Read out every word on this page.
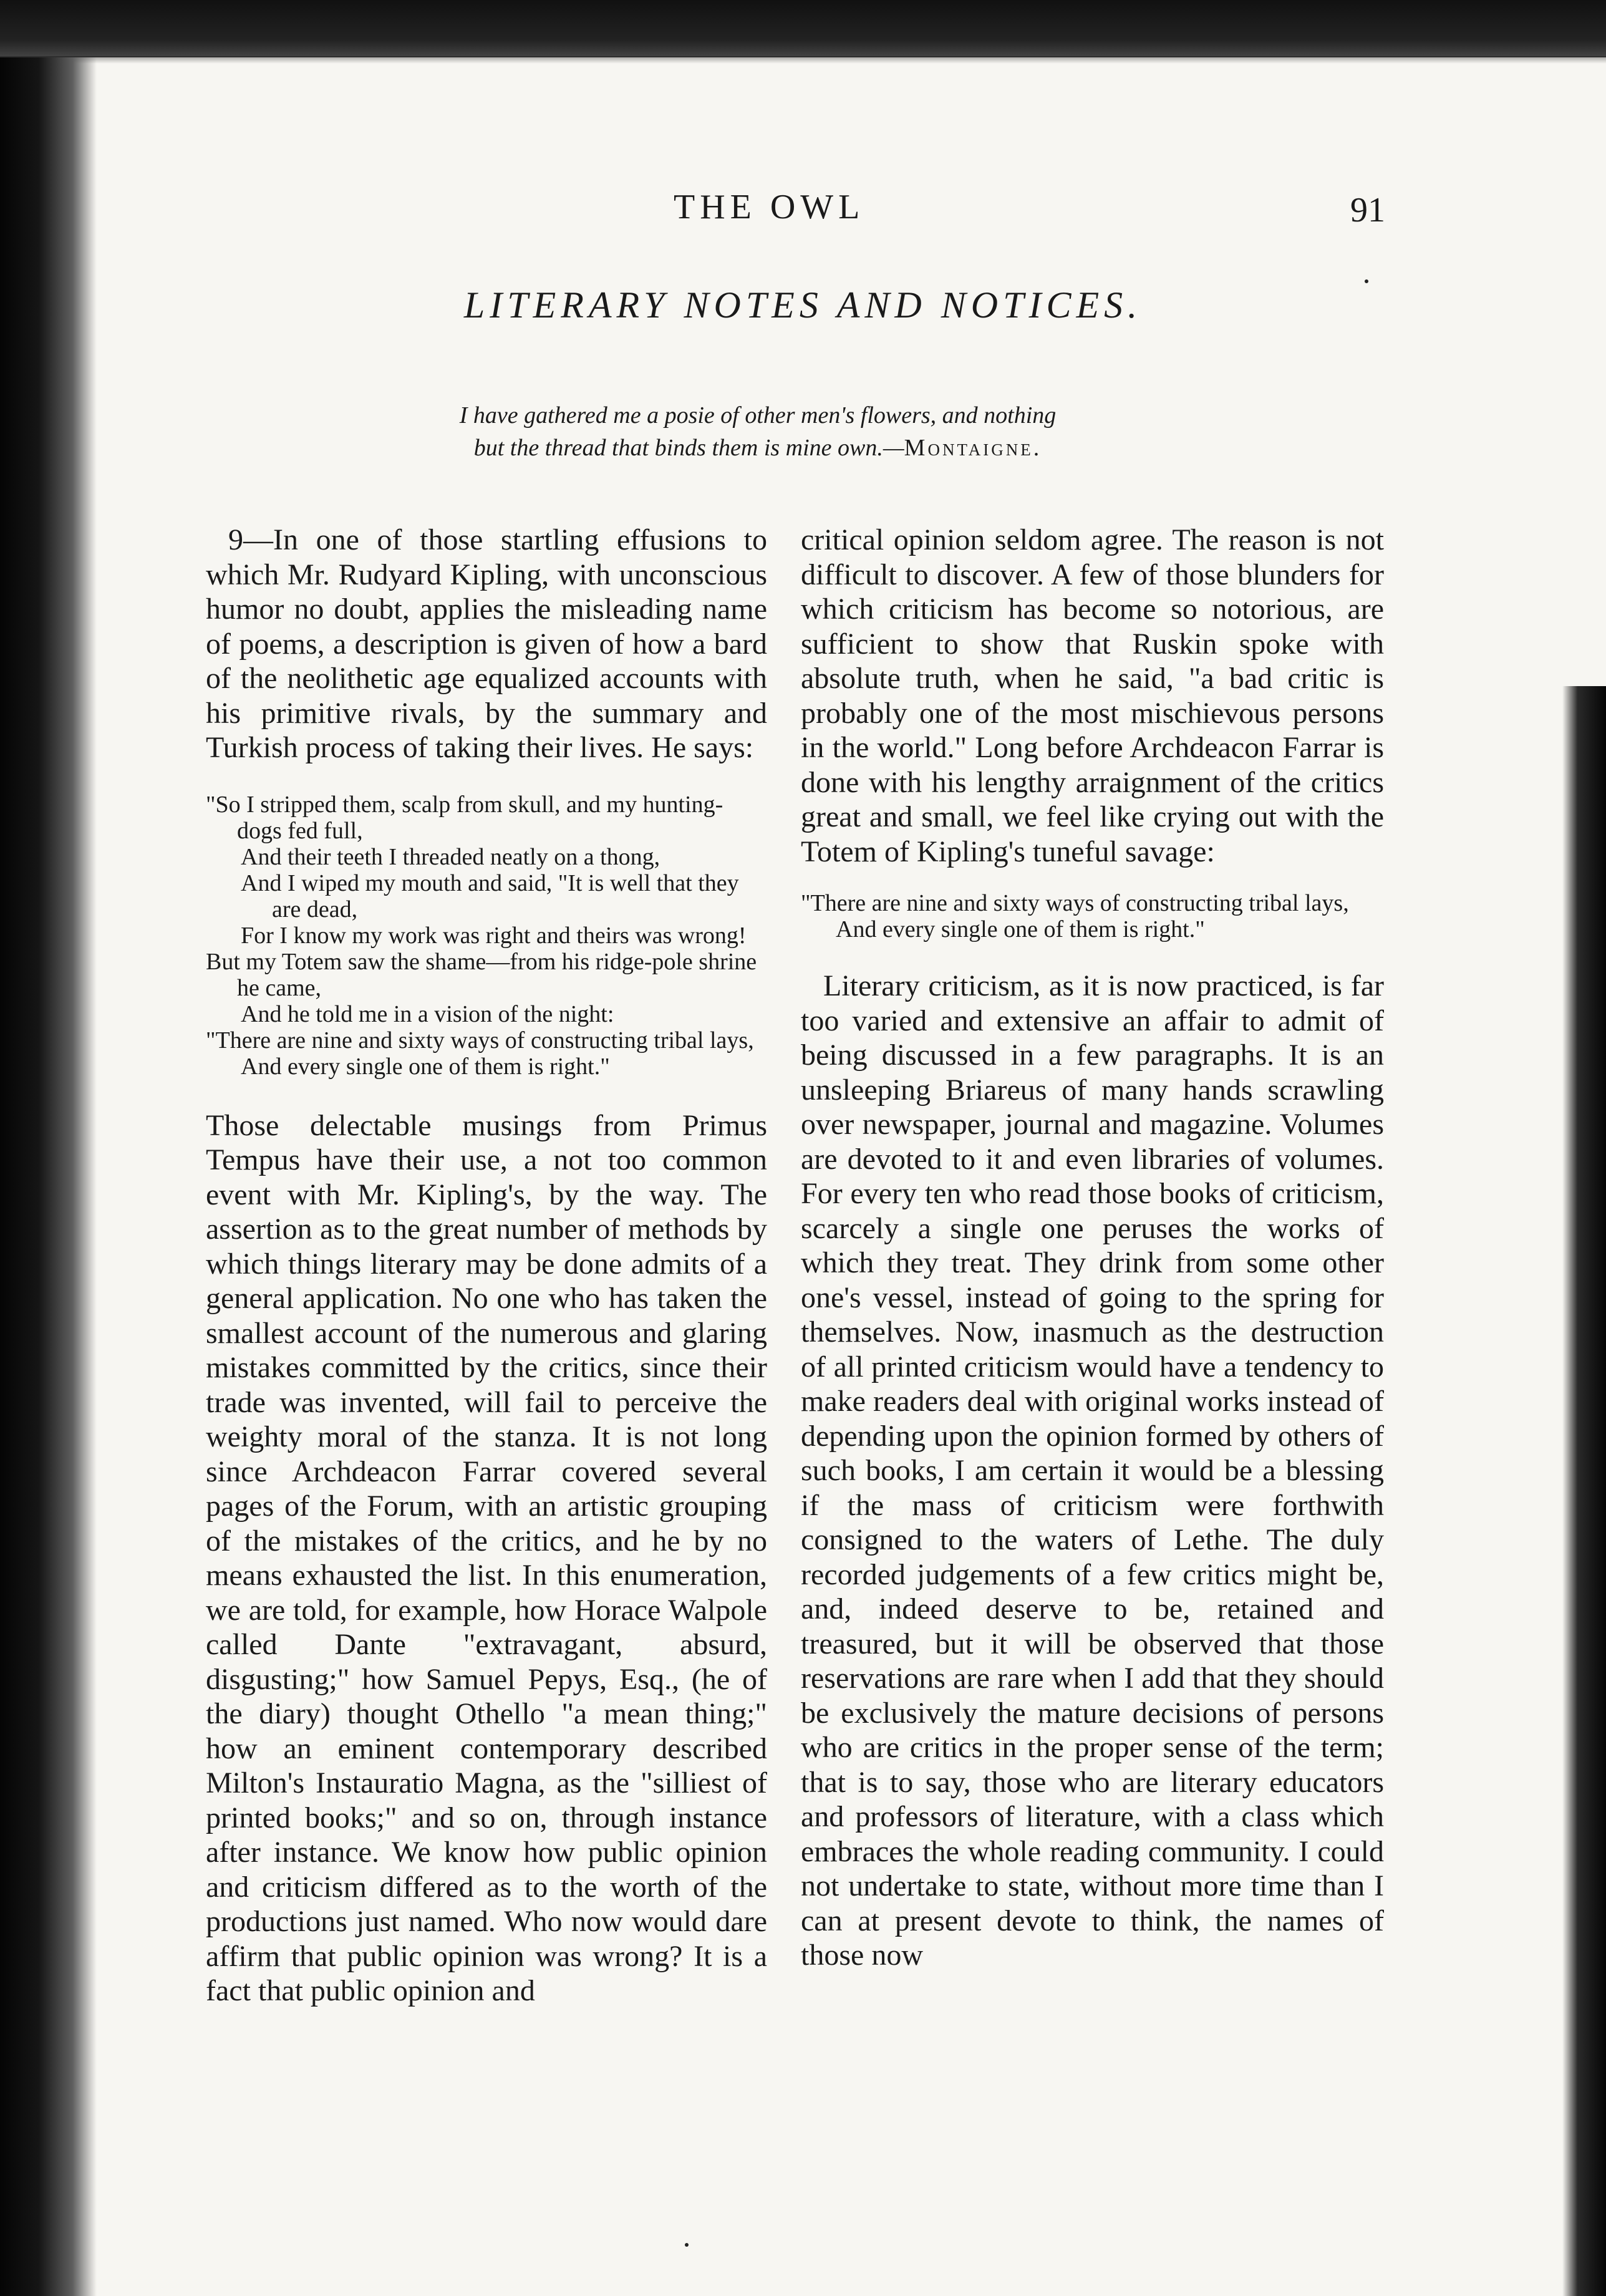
THE OWL	91
LITERARY NOTES AND NOTICES.
I have gathered me a posie of other men's flowers, and nothing
but the thread that binds them is mine own.—Montaigne.

9—In one of those startling effusions to which Mr. Rudyard Kipling, with unconscious humor no doubt, applies the misleading name of poems, a description is given of how a bard of the neolithetic age equalized accounts with his primitive rivals, by the summary and Turkish process of taking their lives. He says:

"So I stripped them, scalp from skull, and my hunting-dogs fed full,
And their teeth I threaded neatly on a thong,
And I wiped my mouth and said, "It is well that they are dead,
For I know my work was right and theirs was wrong!
But my Totem saw the shame—from his ridge-pole shrine he came,
And he told me in a vision of the night:
"There are nine and sixty ways of constructing tribal lays,
And every single one of them is right."

Those delectable musings from Primus Tempus have their use, a not too common event with Mr. Kipling's, by the way. The assertion as to the great number of methods by which things literary may be done admits of a general application. No one who has taken the smallest account of the numerous and glaring mistakes committed by the critics, since their trade was invented, will fail to perceive the weighty moral of the stanza. It is not long since Archdeacon Farrar covered several pages of the Forum, with an artistic grouping of the mistakes of the critics, and he by no means exhausted the list. In this enumeration, we are told, for example, how Horace Walpole called Dante "extravagant, absurd, disgusting;" how Samuel Pepys, Esq., (he of the diary) thought Othello "a mean thing;" how an eminent contemporary described Milton's Instauratio Magna, as the "silliest of printed books;" and so on, through instance after instance. We know how public opinion and criticism differed as to the worth of the productions just named. Who now would dare affirm that public opinion was wrong? It is a fact that public opinion and

critical opinion seldom agree. The reason is not difficult to discover. A few of those blunders for which criticism has become so notorious, are sufficient to show that Ruskin spoke with absolute truth, when he said, "a bad critic is probably one of the most mischievous persons in the world." Long before Archdeacon Farrar is done with his lengthy arraignment of the critics great and small, we feel like crying out with the Totem of Kipling's tuneful savage:

"There are nine and sixty ways of constructing tribal lays,
And every single one of them is right."

Literary criticism, as it is now practiced, is far too varied and extensive an affair to admit of being discussed in a few paragraphs. It is an unsleeping Briareus of many hands scrawling over newspaper, journal and magazine. Volumes are devoted to it and even libraries of volumes. For every ten who read those books of criticism, scarcely a single one peruses the works of which they treat. They drink from some other one's vessel, instead of going to the spring for themselves. Now, inasmuch as the destruction of all printed criticism would have a tendency to make readers deal with original works instead of depending upon the opinion formed by others of such books, I am certain it would be a blessing if the mass of criticism were forthwith consigned to the waters of Lethe. The duly recorded judgements of a few critics might be, and, indeed deserve to be, retained and treasured, but it will be observed that those reservations are rare when I add that they should be exclusively the mature decisions of persons who are critics in the proper sense of the term; that is to say, those who are literary educators and professors of literature, with a class which embraces the whole reading community. I could not undertake to state, without more time than I can at present devote to think, the names of those now
